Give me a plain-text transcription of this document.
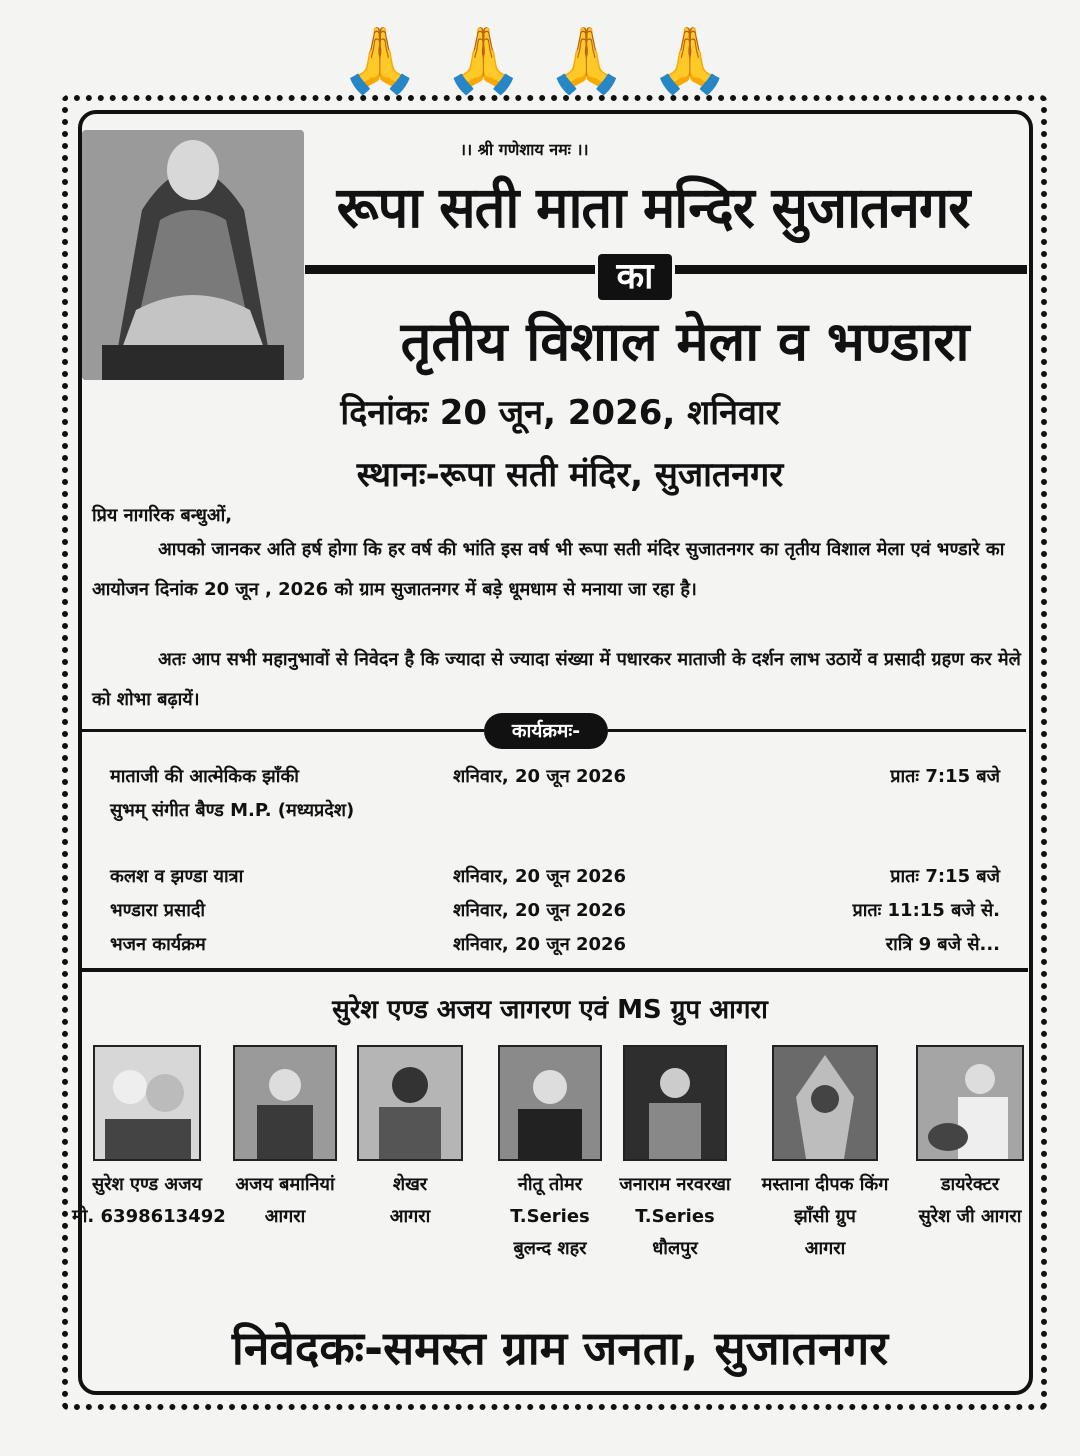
🙏 🙏 🙏 🙏
।। श्री गणेशाय नमः ।।
रूपा सती माता मन्दिर सुजातनगर
का
तृतीय विशाल मेला व भण्डारा
दिनांकः 20 जून, 2026, शनिवार
स्थानः-रूपा सती मंदिर, सुजातनगर
प्रिय नागरिक बन्धुओं,
आपको जानकर अति हर्ष होगा कि हर वर्ष की भांति इस वर्ष भी रूपा सती मंदिर सुजातनगर का तृतीय विशाल मेला एवं भण्डारे का आयोजन दिनांक 20 जून , 2026 को ग्राम सुजातनगर में बड़े धूमधाम से मनाया जा रहा है।
अतः आप सभी महानुभावों से निवेदन है कि ज्यादा से ज्यादा संख्या में पधारकर माताजी के दर्शन लाभ उठायें व प्रसादी ग्रहण कर मेले को शोभा बढ़ायें।
कार्यक्रमः-
माताजी की आत्मेकिक झाँकी	शनिवार, 20 जून 2026	प्रातः 7:15 बजे
सुभम् संगीत बैण्ड M.P. (मध्यप्रदेश)
कलश व झण्डा यात्रा	शनिवार, 20 जून 2026	प्रातः 7:15 बजे
भण्डारा प्रसादी	शनिवार, 20 जून 2026	प्रातः 11:15 बजे से.
भजन कार्यक्रम	शनिवार, 20 जून 2026	रात्रि 9 बजे से...
सुरेश एण्ड अजय जागरण एवं MS ग्रुप आगरा
सुरेश एण्ड अजय
मो. 6398613492
अजय बमानियां
आगरा
शेखर
आगरा
नीतू तोमर
T.Series
बुलन्द शहर
जनाराम नरवरखा
T.Series
धौलपुर
मस्ताना दीपक किंग
झाँसी ग्रुप
आगरा
डायरेक्टर
सुरेश जी आगरा
निवेदकः-समस्त ग्राम जनता, सुजातनगर
